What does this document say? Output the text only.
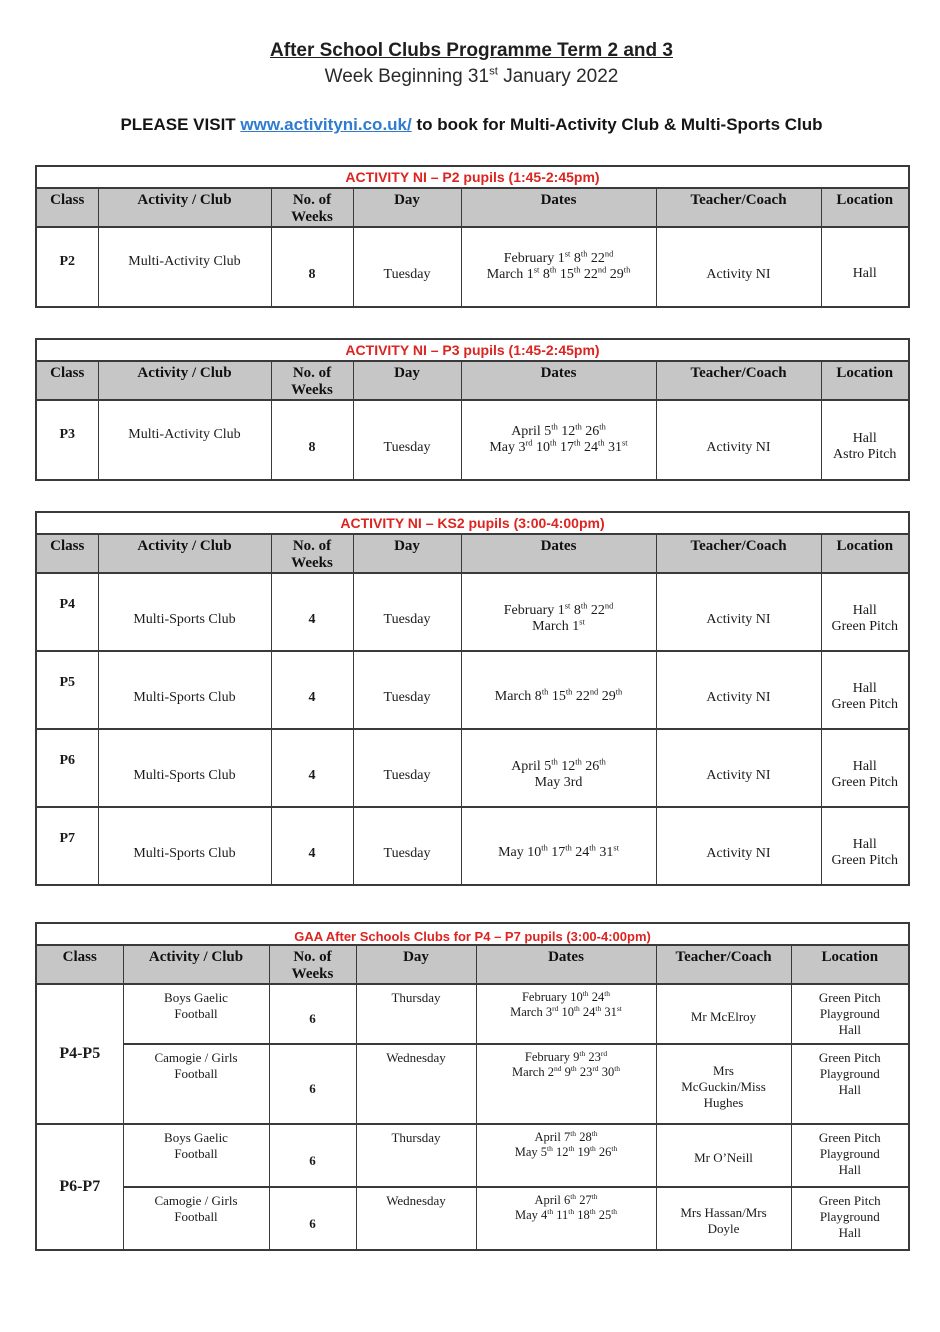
After School Clubs Programme Term 2 and 3
Week Beginning 31st January 2022

PLEASE VISIT www.activityni.co.uk/ to book for Multi-Activity Club & Multi-Sports Club

ACTIVITY NI – P2 pupils (1:45-2:45pm)						
Class	Activity / Club	No. of Weeks	Day	Dates	Teacher/Coach	Location
P2	Multi-Activity Club	8	Tuesday	February 1st 8th 22nd
March 1st 8th 15th 22nd 29th	Activity NI	Hall
ACTIVITY NI – P3 pupils (1:45-2:45pm)						
Class	Activity / Club	No. of Weeks	Day	Dates	Teacher/Coach	Location
P3	Multi-Activity Club	8	Tuesday	April 5th 12th 26th
May 3rd 10th 17th 24th 31st	Activity NI	Hall
Astro Pitch
ACTIVITY NI – KS2 pupils (3:00-4:00pm)						
Class	Activity / Club	No. of Weeks	Day	Dates	Teacher/Coach	Location
P4	Multi-Sports Club	4	Tuesday	February 1st 8th 22nd
March 1st	Activity NI	Hall
Green Pitch
P5	Multi-Sports Club	4	Tuesday	March 8th 15th 22nd 29th	Activity NI	Hall
Green Pitch
P6	Multi-Sports Club	4	Tuesday	April 5th 12th 26th
May 3rd	Activity NI	Hall
Green Pitch
P7	Multi-Sports Club	4	Tuesday	May 10th 17th 24th 31st	Activity NI	Hall
Green Pitch
GAA After Schools Clubs for P4 – P7 pupils (3:00-4:00pm)						
Class	Activity / Club	No. of Weeks	Day	Dates	Teacher/Coach	Location
P4-P5	Boys Gaelic
Football	6	Thursday	February 10th 24th
March 3rd 10th 24th 31st	Mr McElroy	Green Pitch
Playground
Hall
	Camogie / Girls
Football	6	Wednesday	February 9th 23rd
March 2nd 9th 23rd 30th	Mrs
McGuckin/Miss
Hughes	Green Pitch
Playground
Hall
P6-P7	Boys Gaelic
Football	6	Thursday	April 7th 28th
May 5th 12th 19th 26th	Mr O’Neill	Green Pitch
Playground
Hall
	Camogie / Girls
Football	6	Wednesday	April 6th 27th
May 4th 11th 18th 25th	Mrs Hassan/Mrs
Doyle	Green Pitch
Playground
Hall
